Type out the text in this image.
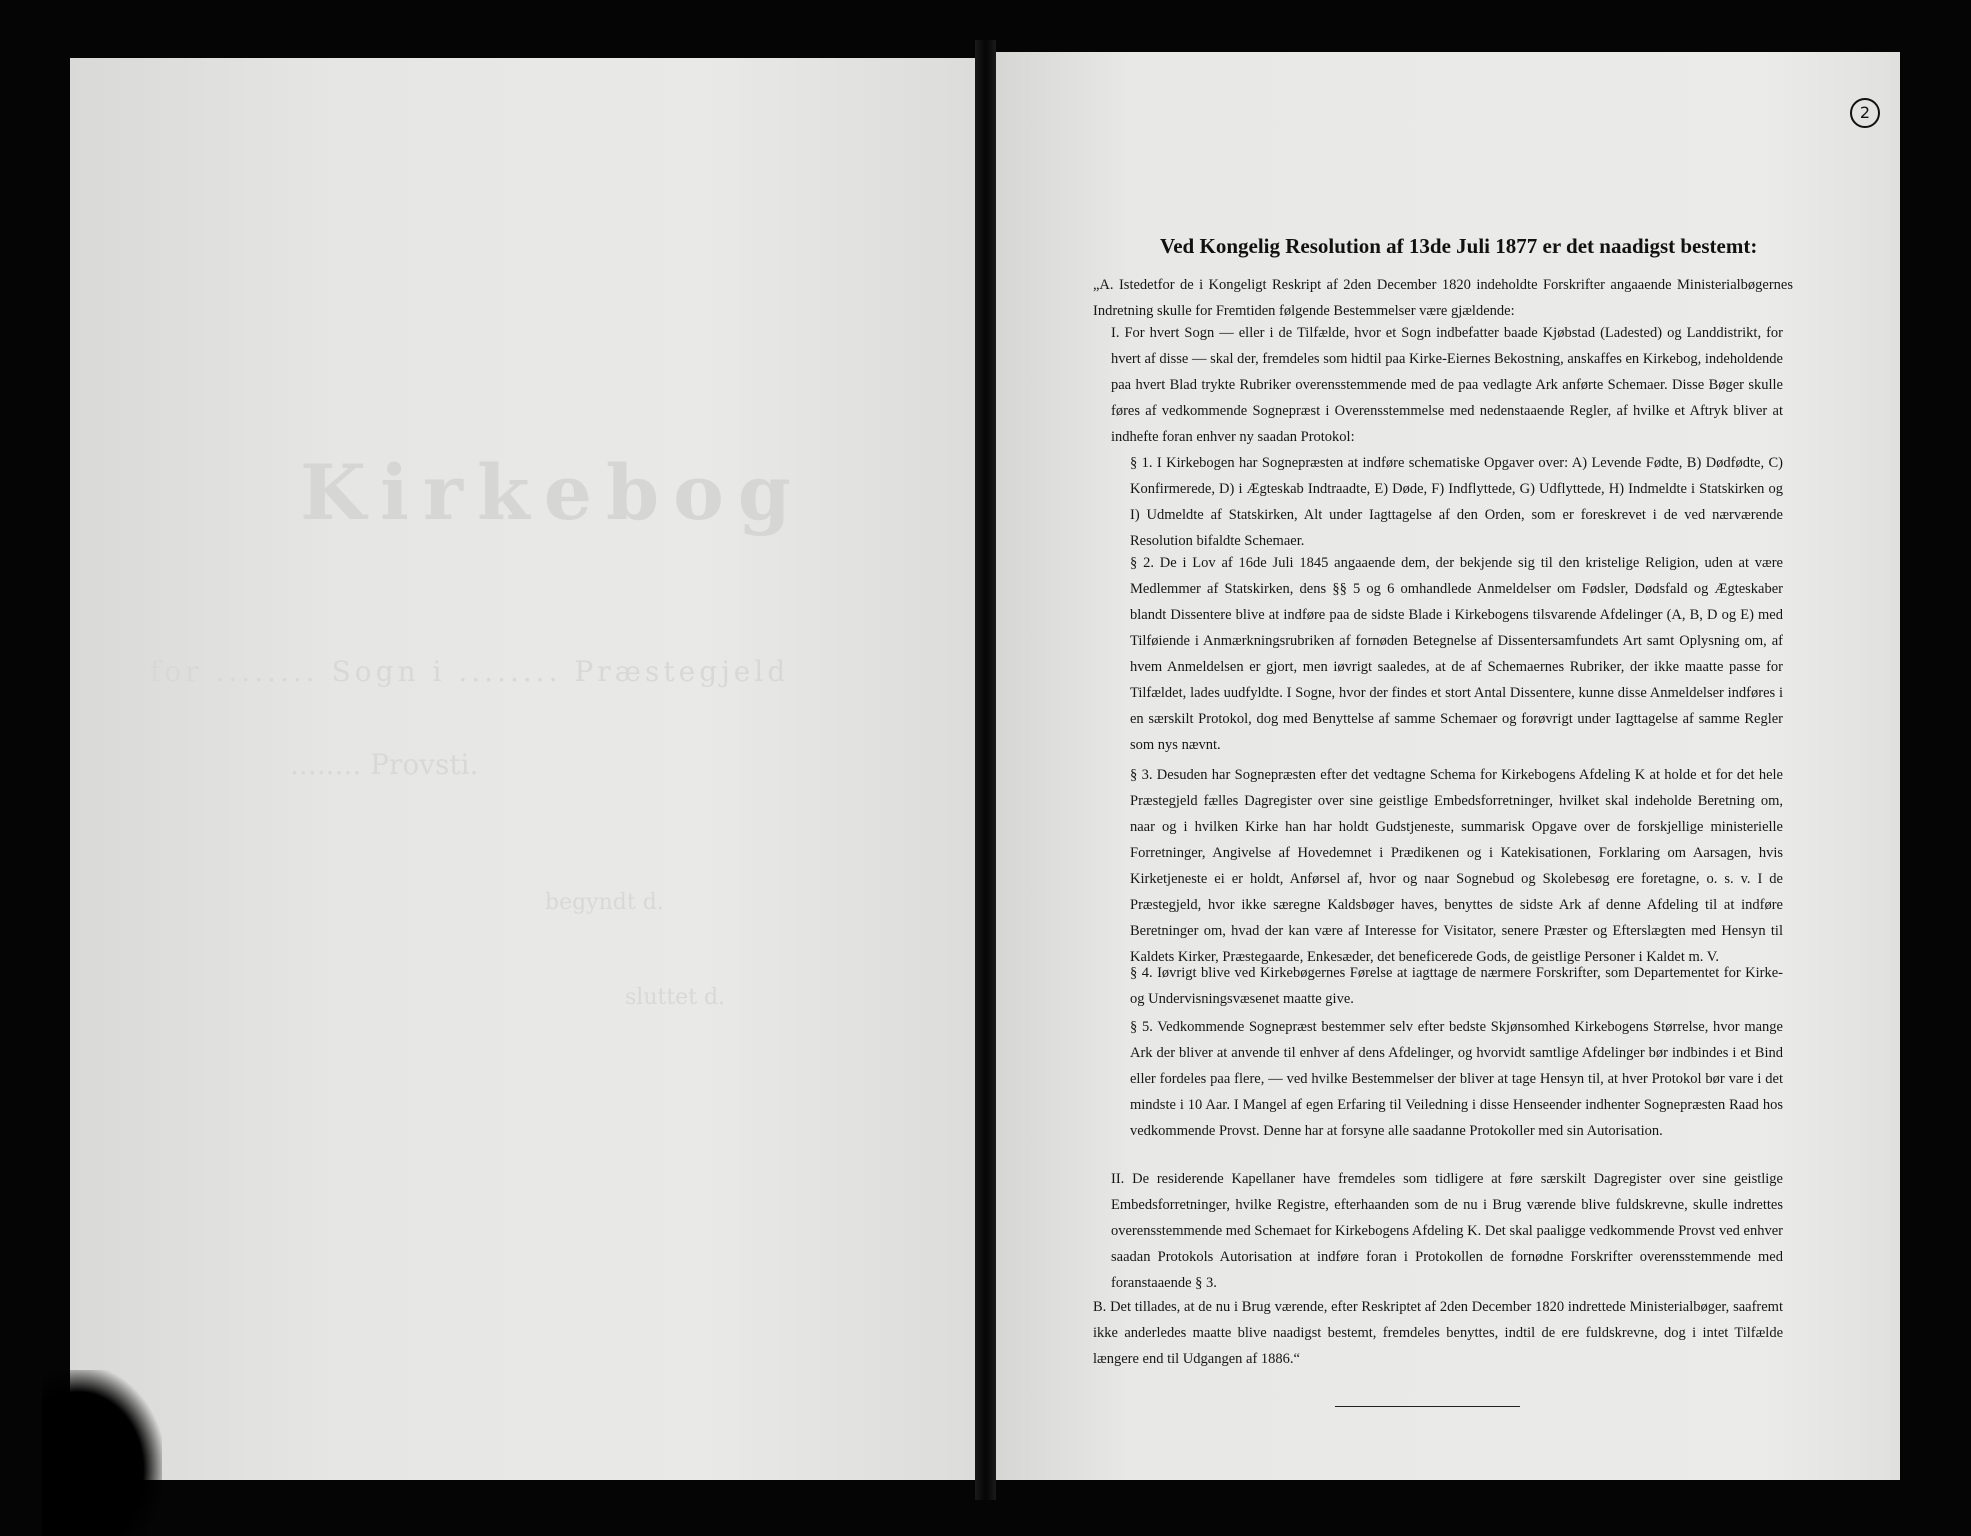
Kirkebog
for ........ Sogn i ........ Præstegjeld
........ Provsti.
begyndt d.
sluttet d.
2
Ved Kongelig Resolution af 13de Juli 1877 er det naadigst bestemt:

„A. Istedetfor de i Kongeligt Reskript af 2den December 1820 indeholdte Forskrifter angaaende Ministerialbøgernes Indretning skulle for Fremtiden følgende Bestemmelser være gjældende:

I. For hvert Sogn — eller i de Tilfælde, hvor et Sogn indbefatter baade Kjøbstad (Ladested) og Landdistrikt, for hvert af disse — skal der, fremdeles som hidtil paa Kirke-Eiernes Bekostning, anskaffes en Kirkebog, indeholdende paa hvert Blad trykte Rubriker overensstemmende med de paa vedlagte Ark anførte Schemaer. Disse Bøger skulle føres af vedkommende Sognepræst i Overensstemmelse med nedenstaaende Regler, af hvilke et Aftryk bliver at indhefte foran enhver ny saadan Protokol:

§ 1. I Kirkebogen har Sognepræsten at indføre schematiske Opgaver over: A) Levende Fødte, B) Dødfødte, C) Konfirmerede, D) i Ægteskab Indtraadte, E) Døde, F) Indflyttede, G) Udflyttede, H) Indmeldte i Statskirken og I) Udmeldte af Statskirken, Alt under Iagttagelse af den Orden, som er foreskrevet i de ved nærværende Resolution bifaldte Schemaer.

§ 2. De i Lov af 16de Juli 1845 angaaende dem, der bekjende sig til den kristelige Religion, uden at være Medlemmer af Statskirken, dens §§ 5 og 6 omhandlede Anmeldelser om Fødsler, Dødsfald og Ægteskaber blandt Dissentere blive at indføre paa de sidste Blade i Kirkebogens tilsvarende Afdelinger (A, B, D og E) med Tilføiende i Anmærkningsrubriken af fornøden Betegnelse af Dissentersamfundets Art samt Oplysning om, af hvem Anmeldelsen er gjort, men iøvrigt saaledes, at de af Schemaernes Rubriker, der ikke maatte passe for Tilfældet, lades uudfyldte. I Sogne, hvor der findes et stort Antal Dissentere, kunne disse Anmeldelser indføres i en særskilt Protokol, dog med Benyttelse af samme Schemaer og forøvrigt under Iagttagelse af samme Regler som nys nævnt.

§ 3. Desuden har Sognepræsten efter det vedtagne Schema for Kirkebogens Afdeling K at holde et for det hele Præstegjeld fælles Dagregister over sine geistlige Embedsforretninger, hvilket skal indeholde Beretning om, naar og i hvilken Kirke han har holdt Gudstjeneste, summarisk Opgave over de forskjellige ministerielle Forretninger, Angivelse af Hovedemnet i Prædikenen og i Katekisationen, Forklaring om Aarsagen, hvis Kirketjeneste ei er holdt, Anførsel af, hvor og naar Sognebud og Skolebesøg ere foretagne, o. s. v. I de Præstegjeld, hvor ikke særegne Kaldsbøger haves, benyttes de sidste Ark af denne Afdeling til at indføre Beretninger om, hvad der kan være af Interesse for Visitator, senere Præster og Efterslægten med Hensyn til Kaldets Kirker, Præstegaarde, Enkesæder, det beneficerede Gods, de geistlige Personer i Kaldet m. V.

§ 4. Iøvrigt blive ved Kirkebøgernes Førelse at iagttage de nærmere Forskrifter, som Departementet for Kirke- og Undervisningsvæsenet maatte give.

§ 5. Vedkommende Sognepræst bestemmer selv efter bedste Skjønsomhed Kirkebogens Størrelse, hvor mange Ark der bliver at anvende til enhver af dens Afdelinger, og hvorvidt samtlige Afdelinger bør indbindes i et Bind eller fordeles paa flere, — ved hvilke Bestemmelser der bliver at tage Hensyn til, at hver Protokol bør vare i det mindste i 10 Aar. I Mangel af egen Erfaring til Veiledning i disse Henseender indhenter Sognepræsten Raad hos vedkommende Provst. Denne har at forsyne alle saadanne Protokoller med sin Autorisation.

II. De residerende Kapellaner have fremdeles som tidligere at føre særskilt Dagregister over sine geistlige Embedsforretninger, hvilke Registre, efterhaanden som de nu i Brug værende blive fuldskrevne, skulle indrettes overensstemmende med Schemaet for Kirkebogens Afdeling K. Det skal paaligge vedkommende Provst ved enhver saadan Protokols Autorisation at indføre foran i Protokollen de fornødne Forskrifter overensstemmende med foranstaaende § 3.

B. Det tillades, at de nu i Brug værende, efter Reskriptet af 2den December 1820 indrettede Ministerialbøger, saafremt ikke anderledes maatte blive naadigst bestemt, fremdeles benyttes, indtil de ere fuldskrevne, dog i intet Tilfælde længere end til Udgangen af 1886.“
